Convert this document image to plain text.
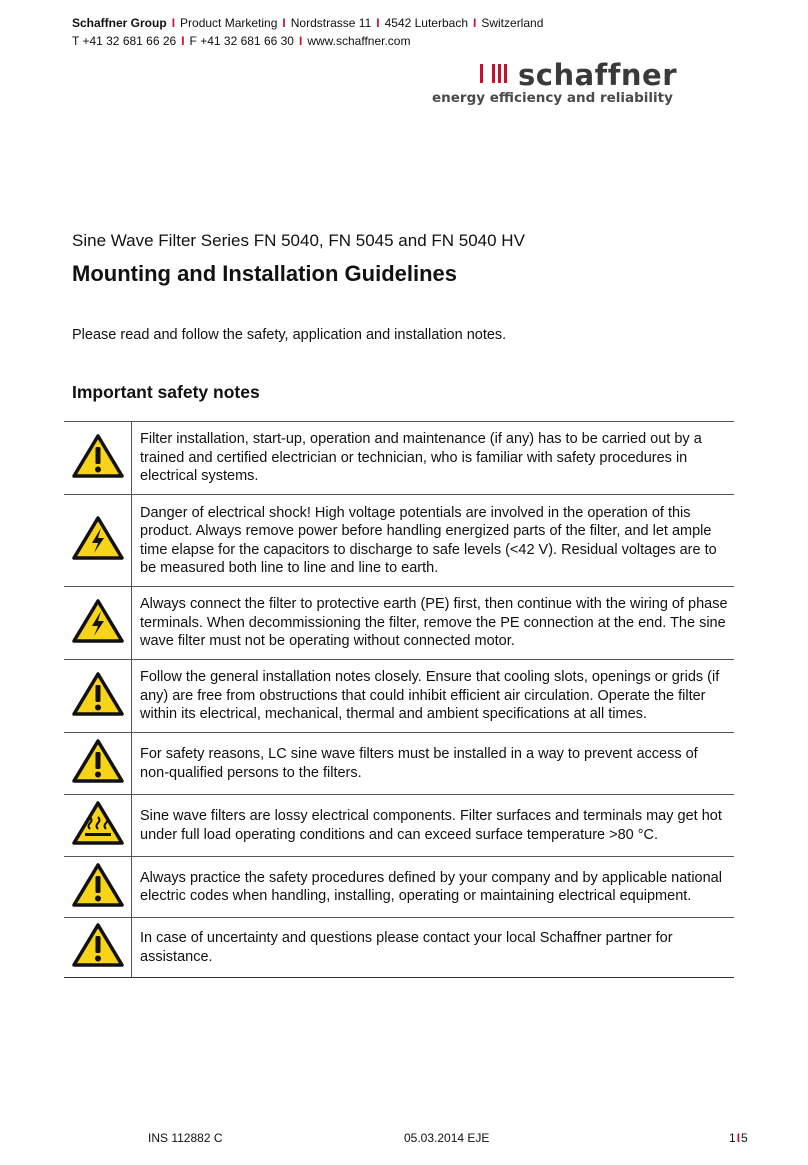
Schaffner Group I Product Marketing I Nordstrasse 11 I 4542 Luterbach I Switzerland
T +41 32 681 66 26 I F +41 32 681 66 30 I www.schaffner.com
schaffner
energy efficiency and reliability
Sine Wave Filter Series FN 5040, FN 5045 and FN 5040 HV
Mounting and Installation Guidelines
Please read and follow the safety, application and installation notes.
Important safety notes
	Filter installation, start-up, operation and maintenance (if any) has to be carried out by a trained and certified electrician or technician, who is familiar with safety procedures in electrical systems.
	Danger of electrical shock! High voltage potentials are involved in the operation of this product. Always remove power before handling energized parts of the filter, and let ample time elapse for the capacitors to discharge to safe levels (<42 V). Residual voltages are to be measured both line to line and line to earth.
	Always connect the filter to protective earth (PE) first, then continue with the wiring of phase terminals. When decommissioning the filter, remove the PE connection at the end. The sine wave filter must not be operating without connected motor.
	Follow the general installation notes closely. Ensure that cooling slots, openings or grids (if any) are free from obstructions that could inhibit efficient air circulation. Operate the filter within its electrical, mechanical, thermal and ambient specifications at all times.
	For safety reasons, LC sine wave filters must be installed in a way to prevent access of non-qualified persons to the filters.
	Sine wave filters are lossy electrical components. Filter surfaces and terminals may get hot under full load operating conditions and can exceed surface temperature >80 °C.
	Always practice the safety procedures defined by your company and by applicable national electric codes when handling, installing, operating or maintaining electrical equipment.
	In case of uncertainty and questions please contact your local Schaffner partner for assistance.
INS 112882 C	05.03.2014 EJE	1I5
